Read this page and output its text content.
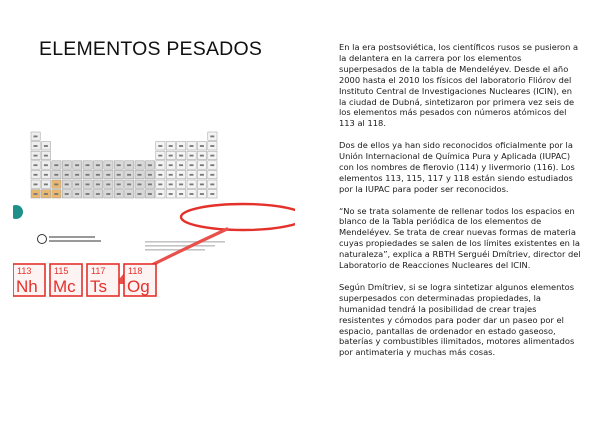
ELEMENTOS PESADOS
113
Nh
115
Mc
117
Ts
118
Og

En la era postsoviética, los científicos rusos se pusieron a la delantera en la carrera por los elementos superpesados de la tabla de Mendeléyev. Desde el año 2000 hasta el 2010 los físicos del laboratorio Fliórov del Instituto Central de Investigaciones Nucleares (ICIN), en la ciudad de Dubná, sintetizaron por primera vez seis de los elementos más pesados con números atómicos del 113 al 118.

Dos de ellos ya han sido reconocidos oficialmente por la Unión Internacional de Química Pura y Aplicada (IUPAC) con los nombres de flerovio (114) y livermorio (116). Los elementos 113, 115, 117 y 118 están siendo estudiados por la IUPAC para poder ser reconocidos.

“No se trata solamente de rellenar todos los espacios en blanco de la Tabla periódica de los elementos de Mendeléyev. Se trata de crear nuevas formas de materia cuyas propiedades se salen de los límites existentes en la naturaleza”, explica a RBTH Serguéi Dmítriev, director del Laboratorio de Reacciones Nucleares del ICIN.

Según Dmítriev, si se logra sintetizar algunos elementos superpesados con determinadas propiedades, la humanidad tendrá la posibilidad de crear trajes resistentes y cómodos para poder dar un paseo por el espacio, pantallas de ordenador en estado gaseoso, baterías y combustibles ilimitados, motores alimentados por antimateria y muchas más cosas.
